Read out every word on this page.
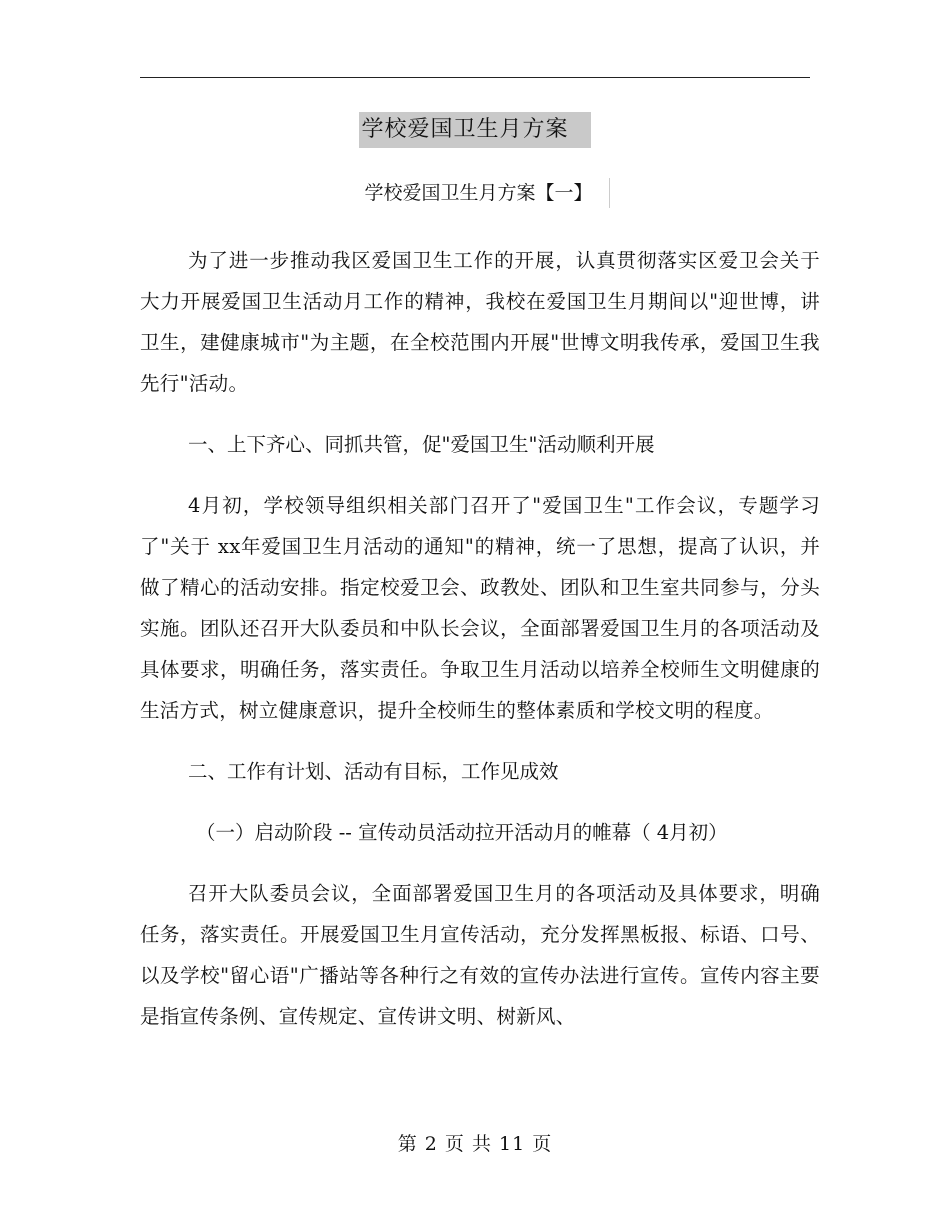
学校爱国卫生月方案
学校爱国卫生月方案【一】

为了进一步推动我区爱国卫生工作的开展，认真贯彻落实区爱卫会关于大力开展爱国卫生活动月工作的精神，我校在爱国卫生月期间以"迎世博，讲卫生，建健康城市"为主题，在全校范围内开展"世博文明我传承，爱国卫生我先行"活动。

一、上下齐心、同抓共管，促"爱国卫生"活动顺利开展

4月初，学校领导组织相关部门召开了"爱国卫生"工作会议，专题学习了"关于 xx年爱国卫生月活动的通知"的精神，统一了思想，提高了认识，并做了精心的活动安排。指定校爱卫会、政教处、团队和卫生室共同参与，分头实施。团队还召开大队委员和中队长会议，全面部署爱国卫生月的各项活动及具体要求，明确任务，落实责任。争取卫生月活动以培养全校师生文明健康的生活方式，树立健康意识，提升全校师生的整体素质和学校文明的程度。

二、工作有计划、活动有目标，工作见成效

（一）启动阶段 -- 宣传动员活动拉开活动月的帷幕（ 4月初）

召开大队委员会议，全面部署爱国卫生月的各项活动及具体要求，明确任务，落实责任。开展爱国卫生月宣传活动，充分发挥黑板报、标语、口号、以及学校"留心语"广播站等各种行之有效的宣传办法进行宣传。宣传内容主要是指宣传条例、宣传规定、宣传讲文明、树新风、

第 2 页 共 11 页
